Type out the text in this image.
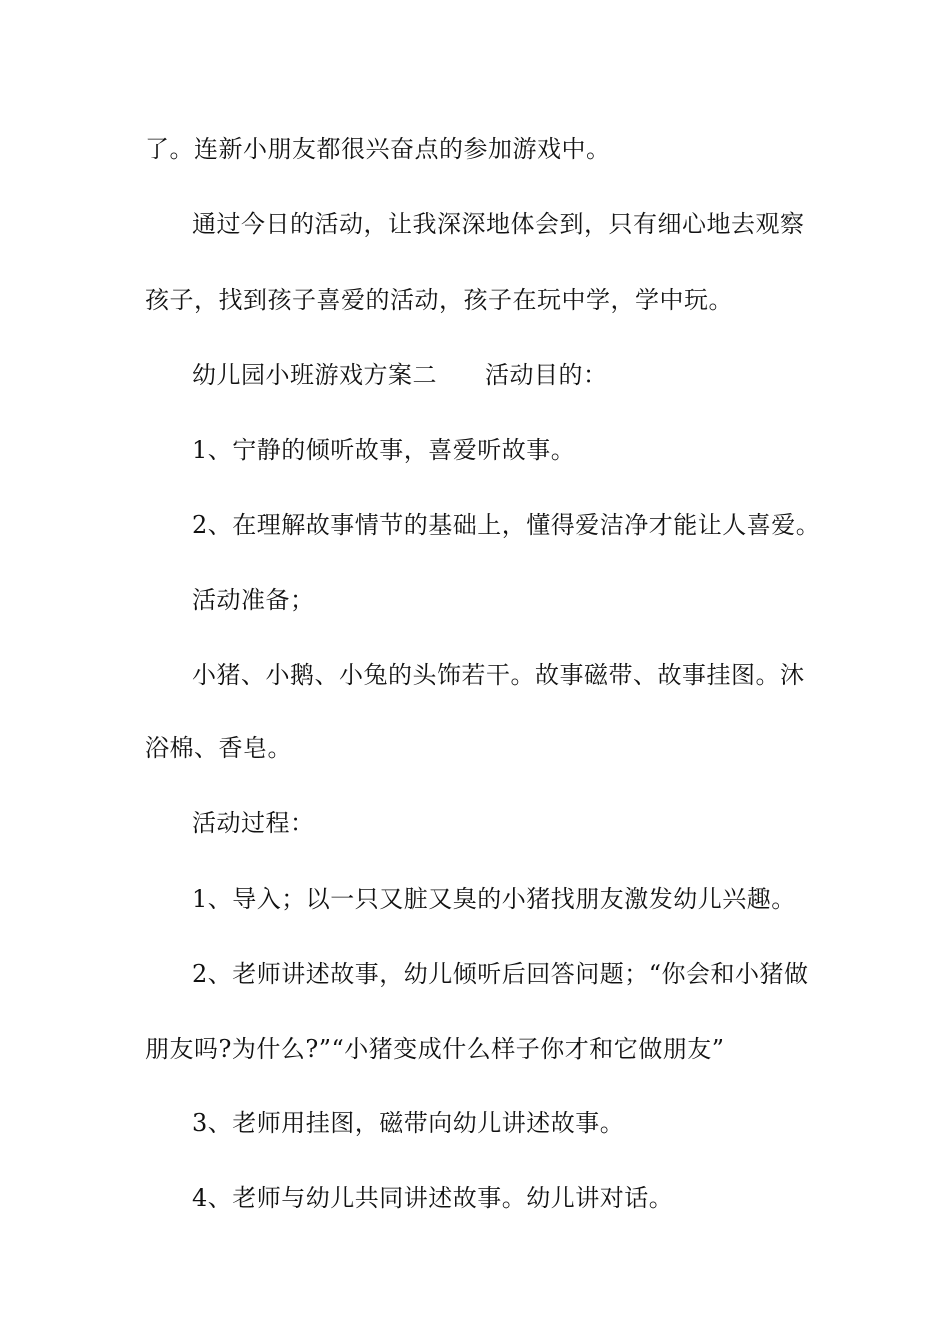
了。连新小朋友都很兴奋点的参加游戏中。
通过今日的活动，让我深深地体会到，只有细心地去观察
孩子，找到孩子喜爱的活动，孩子在玩中学，学中玩。
幼儿园小班游戏方案二 活动目的：
1、宁静的倾听故事，喜爱听故事。
2、在理解故事情节的基础上，懂得爱洁净才能让人喜爱。
活动准备；
小猪、小鹅、小兔的头饰若干。故事磁带、故事挂图。沐
浴棉、香皂。
活动过程：
1、导入；以一只又脏又臭的小猪找朋友激发幼儿兴趣。
2、老师讲述故事，幼儿倾听后回答问题；“你会和小猪做
朋友吗?为什么?”“小猪变成什么样子你才和它做朋友”
3、老师用挂图，磁带向幼儿讲述故事。
4、老师与幼儿共同讲述故事。幼儿讲对话。
